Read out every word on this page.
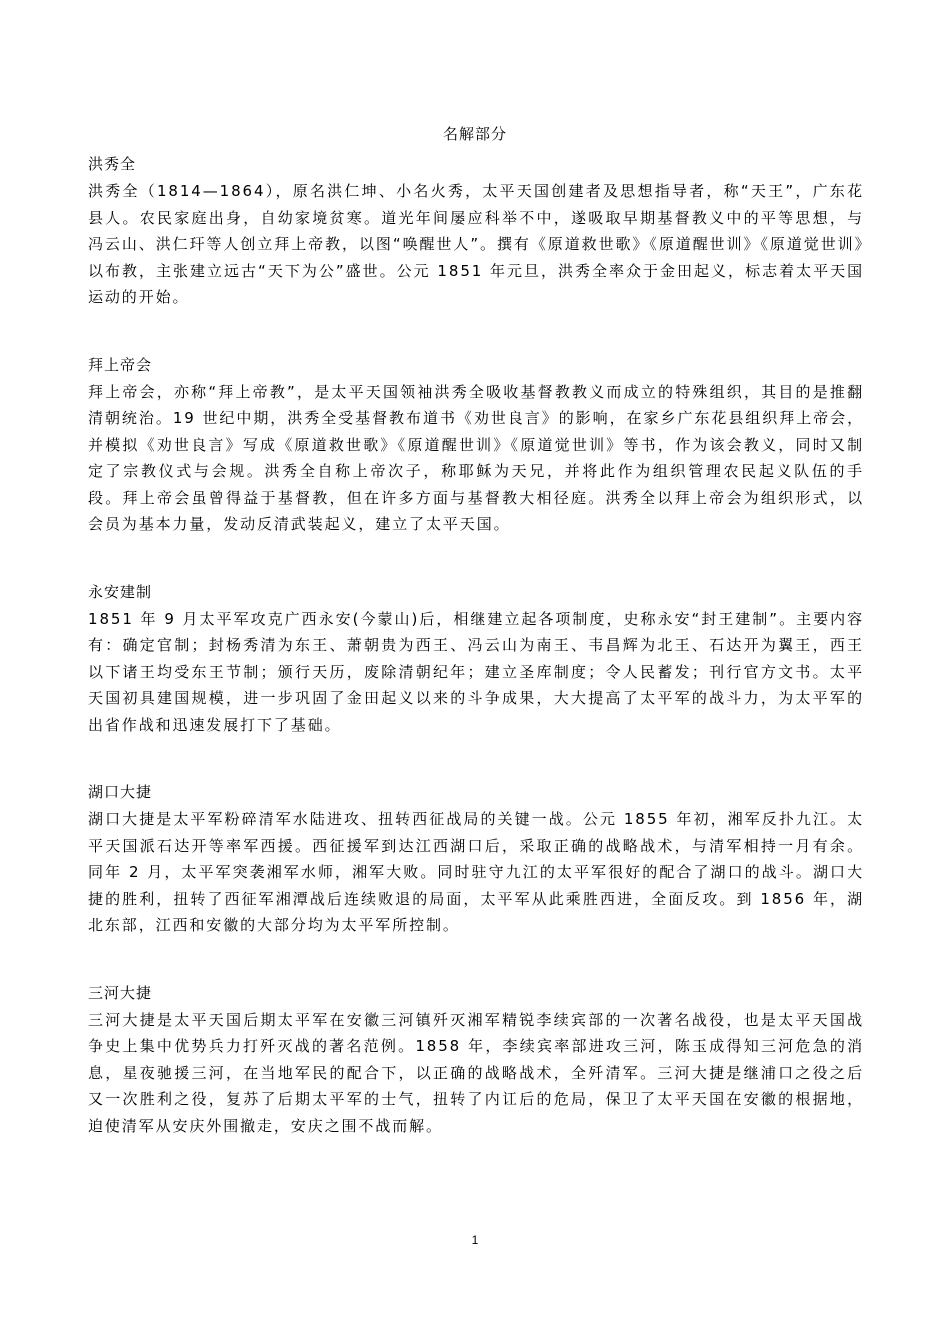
名解部分

洪秀全

洪秀全（1814—1864），原名洪仁坤、小名火秀，太平天国创建者及思想指导者，称“天王”，广东花县人。农民家庭出身，自幼家境贫寒。道光年间屡应科举不中，遂吸取早期基督教义中的平等思想，与冯云山、洪仁玕等人创立拜上帝教，以图“唤醒世人”。撰有《原道救世歌》《原道醒世训》《原道觉世训》以布教，主张建立远古“天下为公”盛世。公元 1851 年元旦，洪秀全率众于金田起义，标志着太平天国运动的开始。

拜上帝会

拜上帝会，亦称“拜上帝教”，是太平天国领袖洪秀全吸收基督教教义而成立的特殊组织，其目的是推翻清朝统治。19 世纪中期，洪秀全受基督教布道书《劝世良言》的影响，在家乡广东花县组织拜上帝会，并模拟《劝世良言》写成《原道救世歌》《原道醒世训》《原道觉世训》等书，作为该会教义，同时又制定了宗教仪式与会规。洪秀全自称上帝次子，称耶稣为天兄，并将此作为组织管理农民起义队伍的手段。拜上帝会虽曾得益于基督教，但在许多方面与基督教大相径庭。洪秀全以拜上帝会为组织形式，以会员为基本力量，发动反清武装起义，建立了太平天国。

永安建制

1851 年 9 月太平军攻克广西永安(今蒙山)后，相继建立起各项制度，史称永安“封王建制”。主要内容有：确定官制；封杨秀清为东王、萧朝贵为西王、冯云山为南王、韦昌辉为北王、石达开为翼王，西王以下诸王均受东王节制；颁行天历，废除清朝纪年；建立圣库制度；令人民蓄发；刊行官方文书。太平天国初具建国规模，进一步巩固了金田起义以来的斗争成果，大大提高了太平军的战斗力，为太平军的出省作战和迅速发展打下了基础。

湖口大捷

湖口大捷是太平军粉碎清军水陆进攻、扭转西征战局的关键一战。公元 1855 年初，湘军反扑九江。太平天国派石达开等率军西援。西征援军到达江西湖口后，采取正确的战略战术，与清军相持一月有余。同年 2 月，太平军突袭湘军水师，湘军大败。同时驻守九江的太平军很好的配合了湖口的战斗。湖口大捷的胜利，扭转了西征军湘潭战后连续败退的局面，太平军从此乘胜西进，全面反攻。到 1856 年，湖北东部，江西和安徽的大部分均为太平军所控制。

三河大捷

三河大捷是太平天国后期太平军在安徽三河镇歼灭湘军精锐李续宾部的一次著名战役，也是太平天国战争史上集中优势兵力打歼灭战的著名范例。1858 年，李续宾率部进攻三河，陈玉成得知三河危急的消息，星夜驰援三河，在当地军民的配合下，以正确的战略战术，全歼清军。三河大捷是继浦口之役之后又一次胜利之役，复苏了后期太平军的士气，扭转了内讧后的危局，保卫了太平天国在安徽的根据地，迫使清军从安庆外围撤走，安庆之围不战而解。

1
